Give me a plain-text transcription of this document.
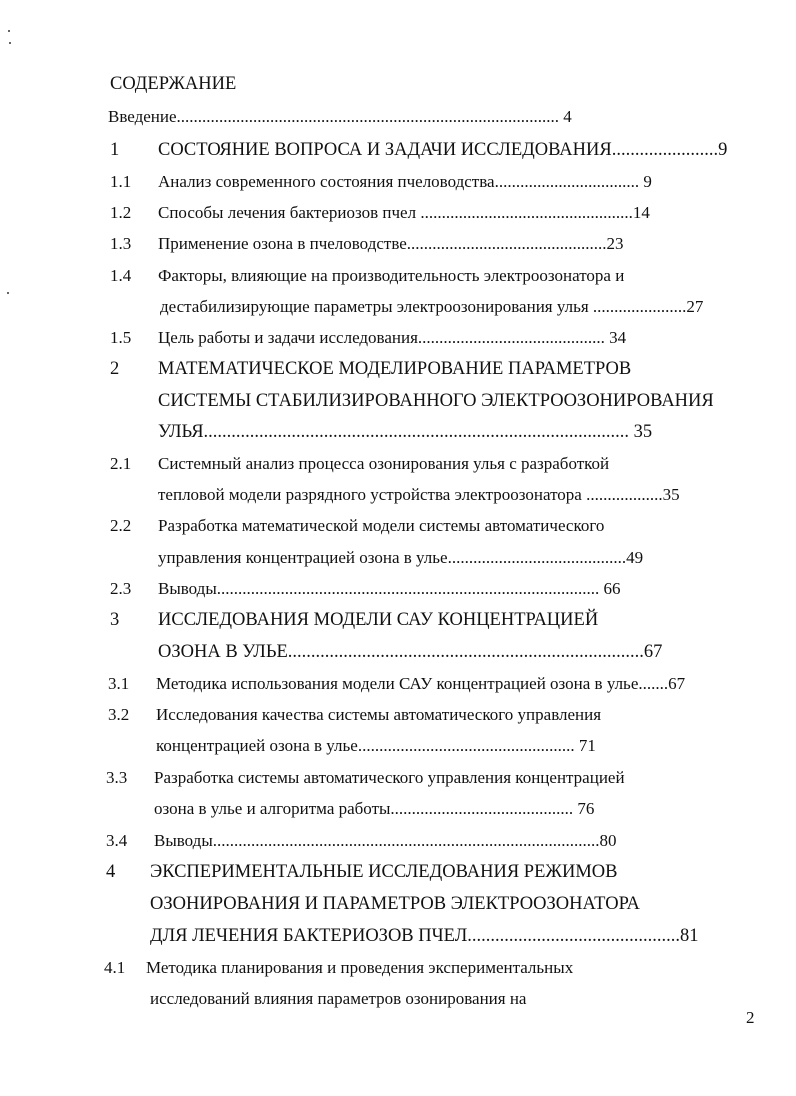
СОДЕРЖАНИЕ
Введение.......................................................................................... 4
1 СОСТОЯНИЕ ВОПРОСА И ЗАДАЧИ ИССЛЕДОВАНИЯ.......................9
1.1 Анализ современного состояния пчеловодства.................................. 9
1.2 Способы лечения бактериозов пчел ..................................................14
1.3 Применение озона в пчеловодстве...............................................23
1.4 Факторы, влияющие на производительность электроозонатора и
дестабилизирующие параметры электроозонирования улья ......................27
1.5 Цель работы и задачи исследования............................................ 34
2 МАТЕМАТИЧЕСКОЕ МОДЕЛИРОВАНИЕ ПАРАМЕТРОВ
СИСТЕМЫ СТАБИЛИЗИРОВАННОГО ЭЛЕКТРООЗОНИРОВАНИЯ
УЛЬЯ............................................................................................ 35
2.1 Системный анализ процесса озонирования улья с разработкой
тепловой модели разрядного устройства электроозонатора ..................35
2.2 Разработка математической модели системы автоматического
управления концентрацией озона в улье..........................................49
2.3 Выводы.......................................................................................... 66
3 ИССЛЕДОВАНИЯ МОДЕЛИ САУ КОНЦЕНТРАЦИЕЙ
ОЗОНА В УЛЬЕ.............................................................................67
3.1 Методика использования модели САУ концентрацией озона в улье.......67
3.2 Исследования качества системы автоматического управления
концентрацией озона в улье................................................... 71
3.3 Разработка системы автоматического управления концентрацией
озона в улье и алгоритма работы........................................... 76
3.4 Выводы...........................................................................................80
4 ЭКСПЕРИМЕНТАЛЬНЫЕ ИССЛЕДОВАНИЯ РЕЖИМОВ
ОЗОНИРОВАНИЯ И ПАРАМЕТРОВ ЭЛЕКТРООЗОНАТОРА
ДЛЯ ЛЕЧЕНИЯ БАКТЕРИОЗОВ ПЧЕЛ..............................................81
4.1 Методика планирования и проведения экспериментальных
исследований влияния параметров озонирования на
2
